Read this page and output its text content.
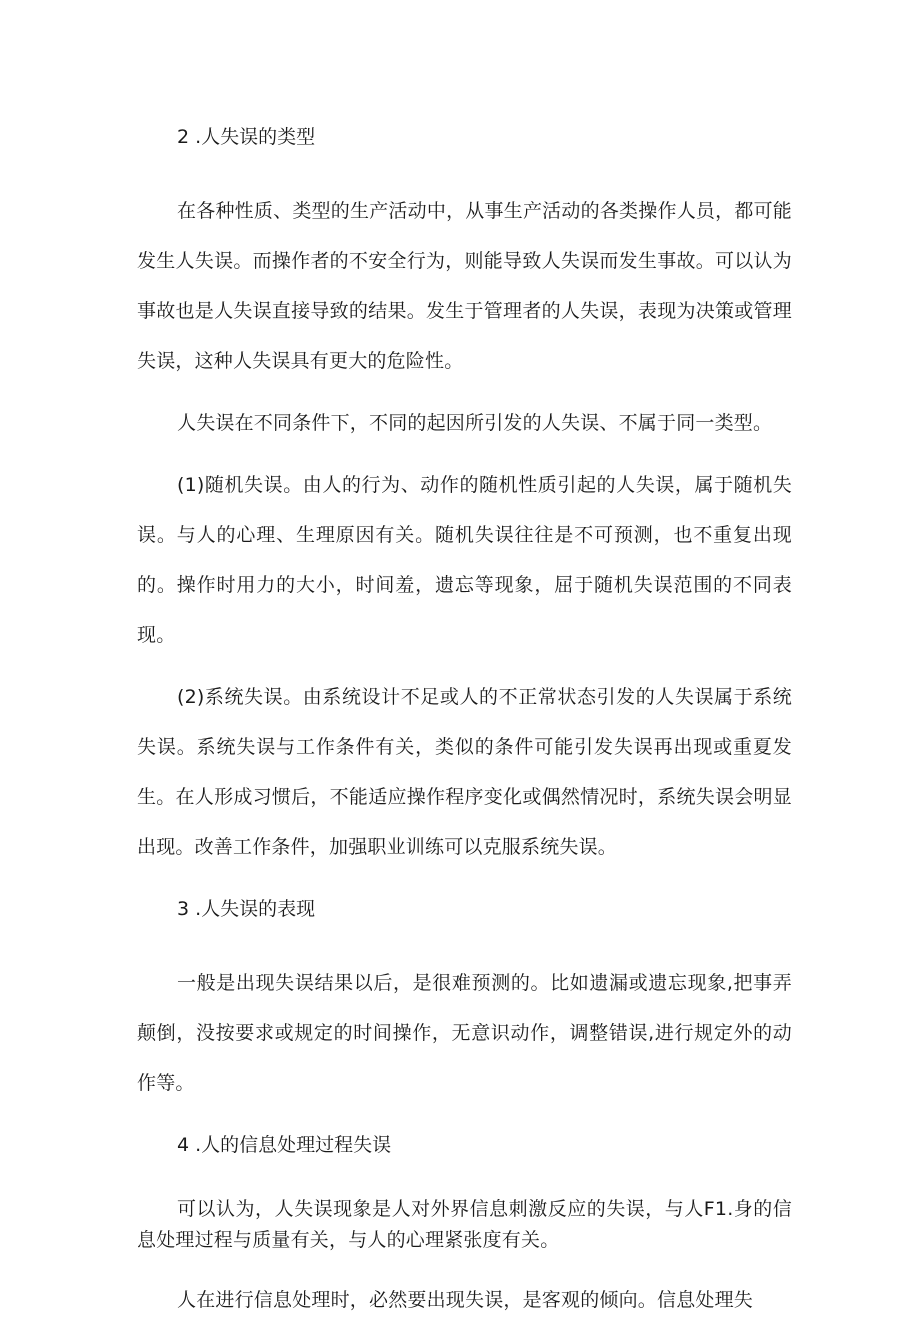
2 .人失误的类型

在各种性质、类型的生产活动中，从事生产活动的各类操作人员，都可能发生人失误。而操作者的不安全行为，则能导致人失误而发生事故。可以认为事故也是人失误直接导致的结果。发生于管理者的人失误，表现为决策或管理失误，这种人失误具有更大的危险性。

人失误在不同条件下，不同的起因所引发的人失误、不属于同一类型。

(1)随机失误。由人的行为、动作的随机性质引起的人失误，属于随机失误。与人的心理、生理原因有关。随机失误往往是不可预测，也不重复出现的。操作时用力的大小，时间羞，遗忘等现象，屈于随机失误范围的不同表现。

(2)系统失误。由系统设计不足或人的不正常状态引发的人失误属于系统失误。系统失误与工作条件有关，类似的条件可能引发失误再出现或重夏发生。在人形成习惯后，不能适应操作程序变化或偶然情况时，系统失误会明显出现。改善工作条件，加强职业训练可以克服系统失误。

3 .人失误的表现

一般是出现失误结果以后，是很难预测的。比如遗漏或遗忘现象,把事弄颠倒，没按要求或规定的时间操作，无意识动作，调整错误,进行规定外的动作等。

4 .人的信息处理过程失误

可以认为，人失误现象是人对外界信息刺激反应的失误，与人F1.身的信息处理过程与质量有关，与人的心理紧张度有关。

人在进行信息处理时，必然要出现失误，是客观的倾向。信息处理失
